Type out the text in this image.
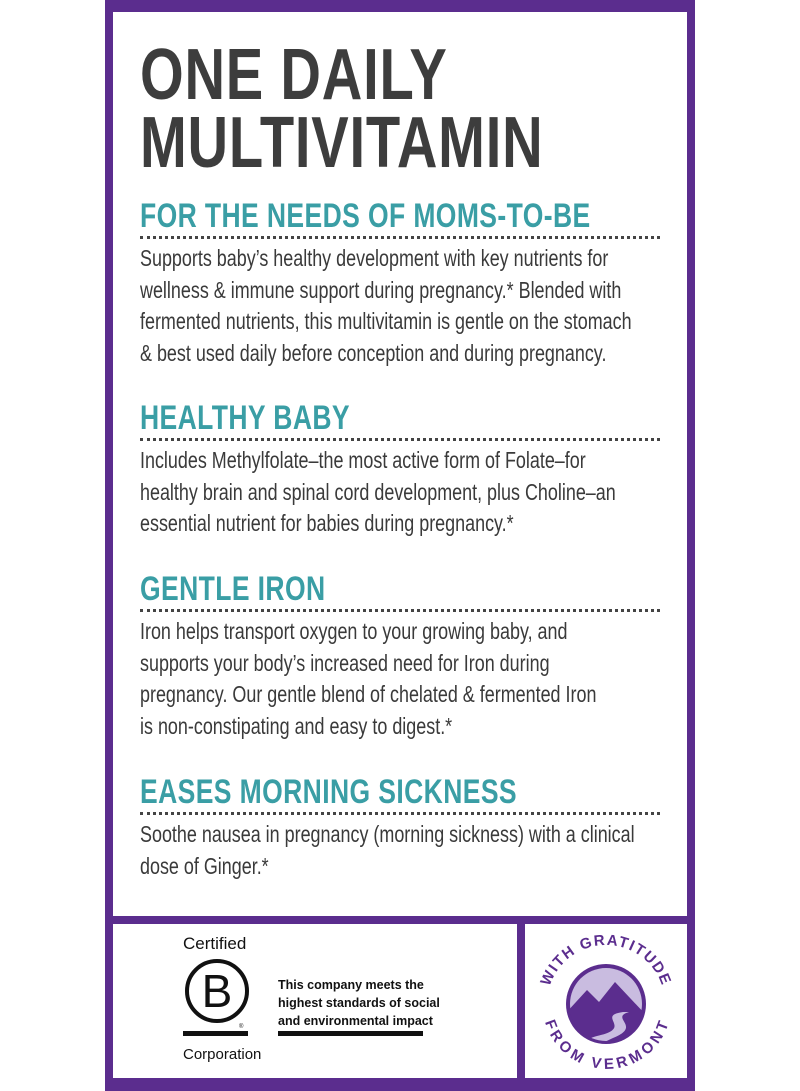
ONE DAILY
MULTIVITAMIN
FOR THE NEEDS OF MOMS-TO-BE
Supports baby’s healthy development with key nutrients for
wellness & immune support during pregnancy.* Blended with
fermented nutrients, this multivitamin is gentle on the stomach
& best used daily before conception and during pregnancy.
HEALTHY BABY
Includes Methylfolate–the most active form of Folate–for
healthy brain and spinal cord development, plus Choline–an
essential nutrient for babies during pregnancy.*
GENTLE IRON
Iron helps transport oxygen to your growing baby, and
supports your body’s increased need for Iron during
pregnancy. Our gentle blend of chelated & fermented Iron
is non-constipating and easy to digest.*
EASES MORNING SICKNESS
Soothe nausea in pregnancy (morning sickness) with a clinical
dose of Ginger.*
Certified
B
®
Corporation
This company meets the
highest standards of social
and environmental impact
WITH GRATITUDE
FROM VERMONT
